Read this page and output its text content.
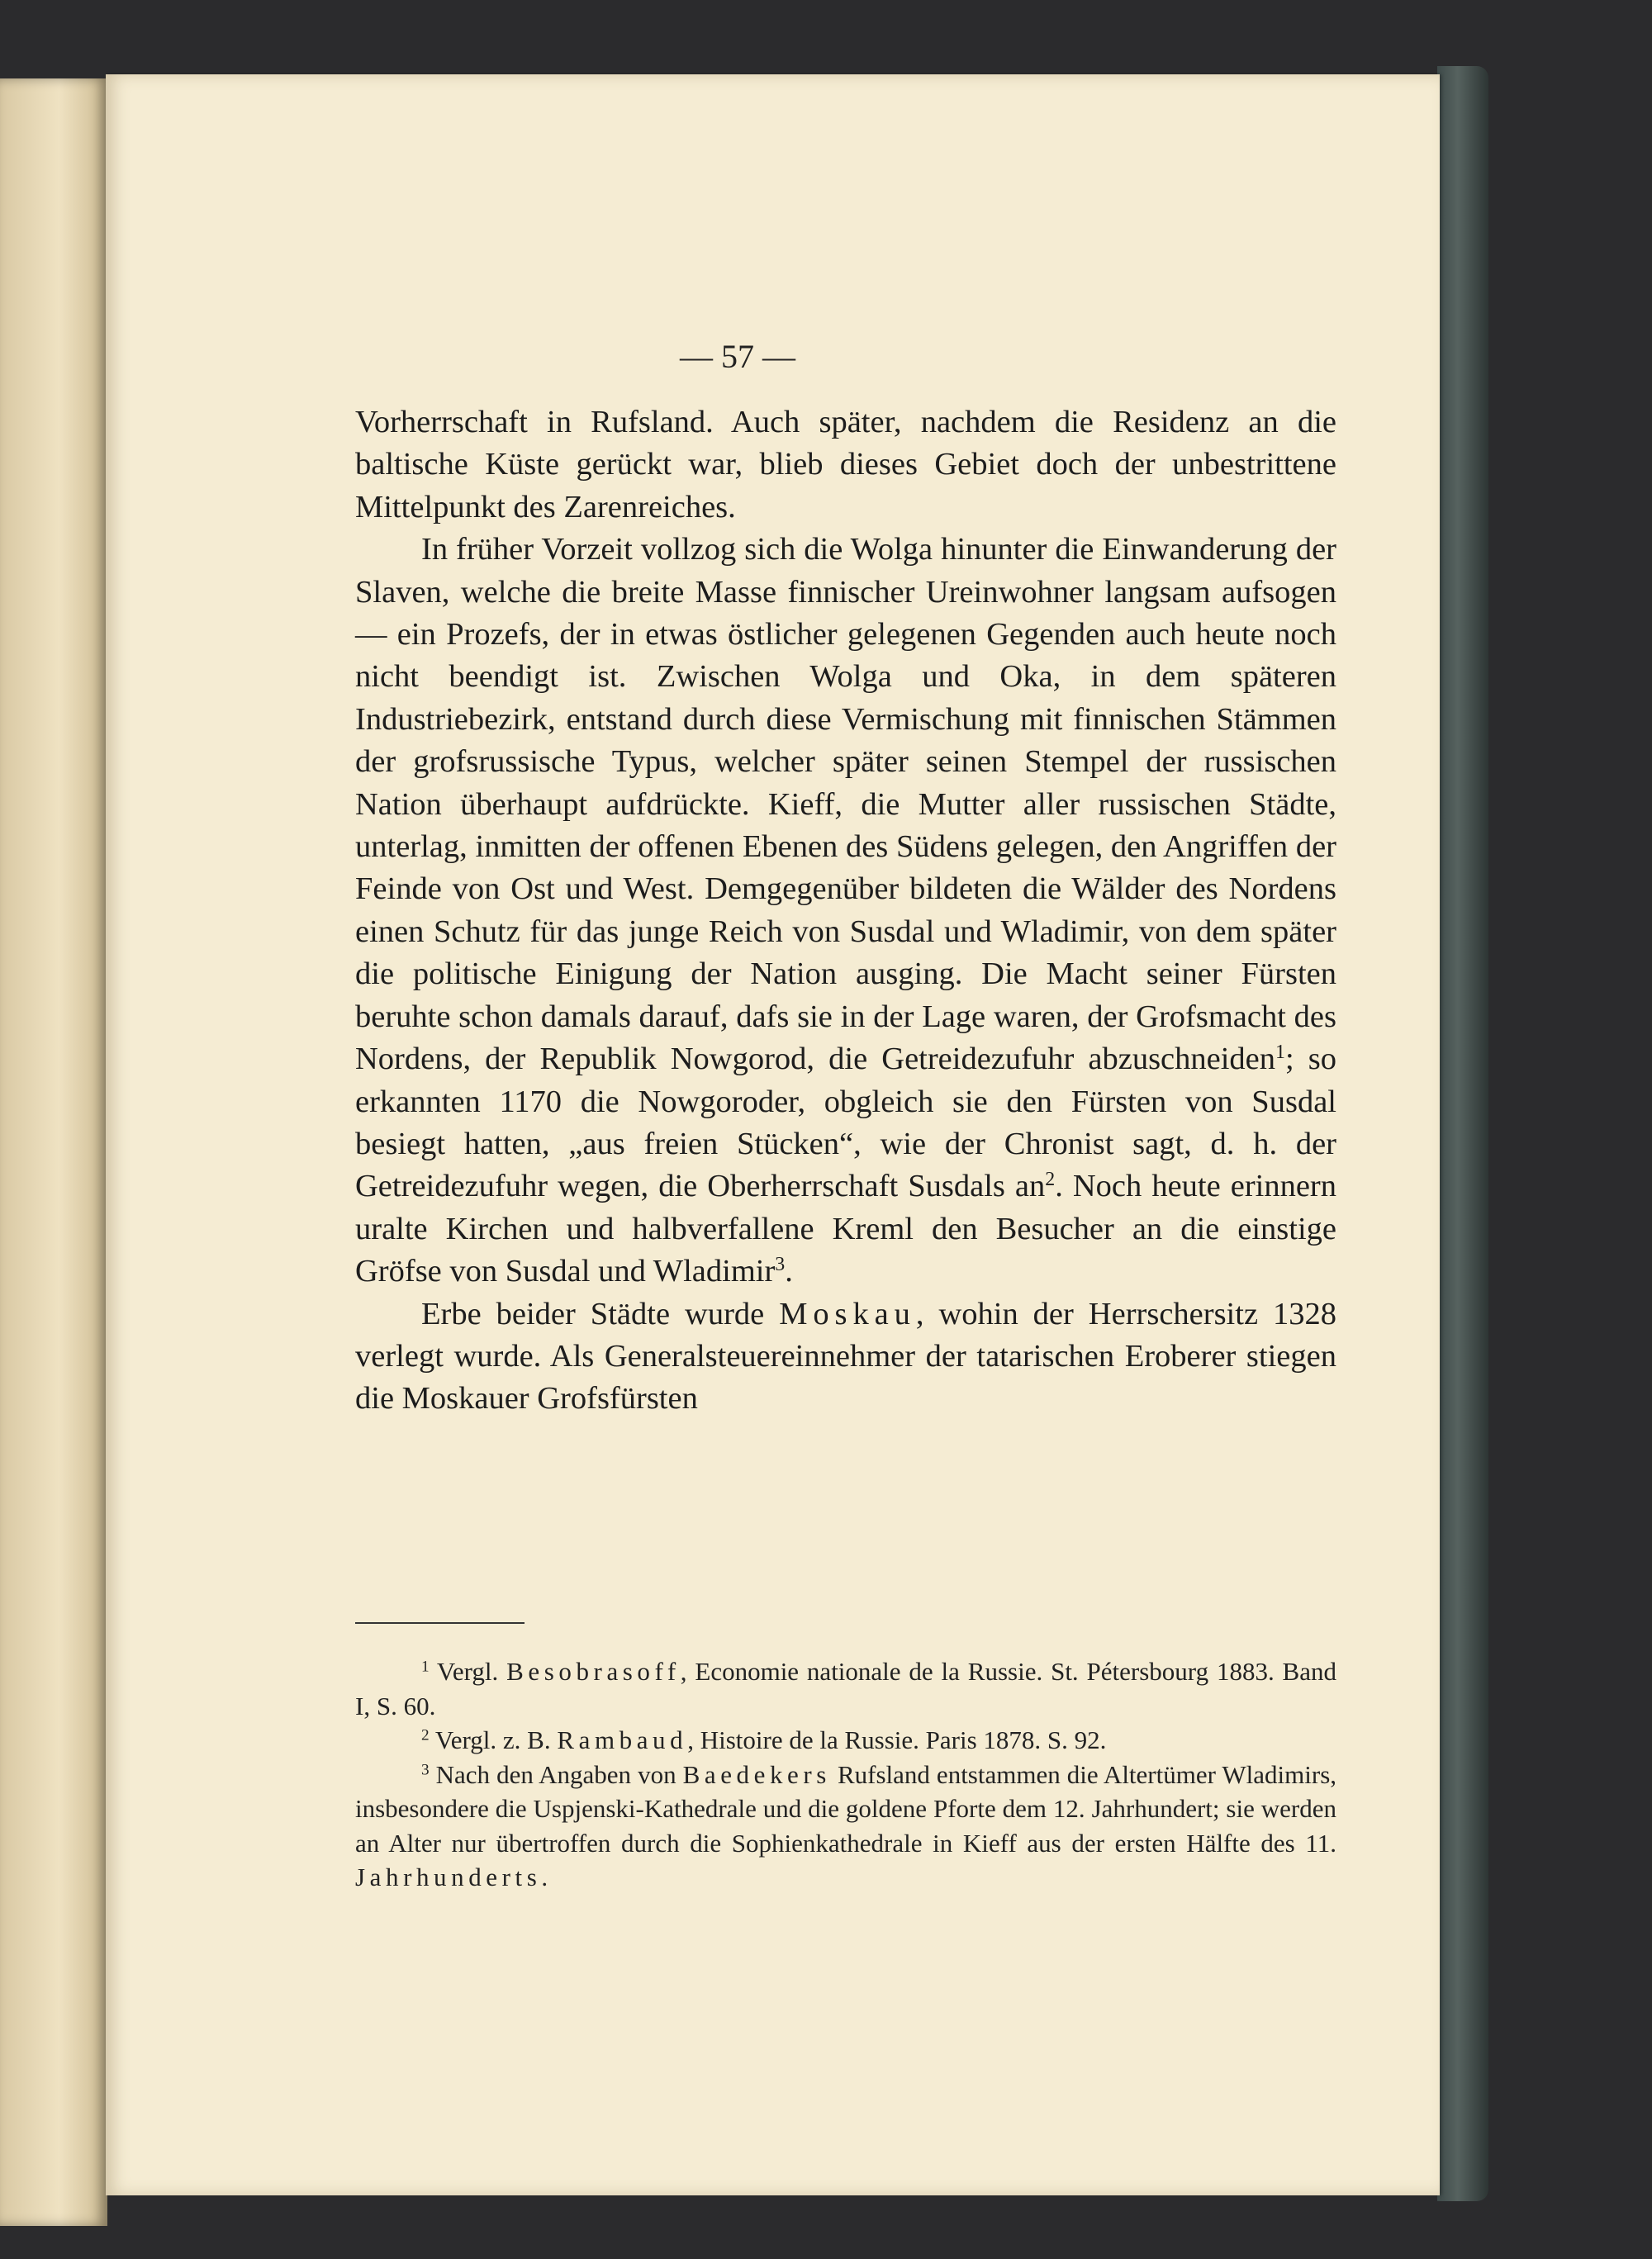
— 57 —

Vorherrschaft in Rufsland. Auch später, nachdem die Residenz an die baltische Küste gerückt war, blieb dieses Gebiet doch der unbestrittene Mittelpunkt des Zarenreiches.

In früher Vorzeit vollzog sich die Wolga hinunter die Einwanderung der Slaven, welche die breite Masse finnischer Ureinwohner langsam aufsogen — ein Prozefs, der in etwas östlicher gelegenen Gegenden auch heute noch nicht beendigt ist. Zwischen Wolga und Oka, in dem späteren Industriebezirk, entstand durch diese Vermischung mit finnischen Stämmen der grofsrussische Typus, welcher später seinen Stempel der russischen Nation überhaupt aufdrückte. Kieff, die Mutter aller russischen Städte, unterlag, inmitten der offenen Ebenen des Südens gelegen, den Angriffen der Feinde von Ost und West. Demgegenüber bildeten die Wälder des Nordens einen Schutz für das junge Reich von Susdal und Wladimir, von dem später die politische Einigung der Nation ausging. Die Macht seiner Fürsten beruhte schon damals darauf, dafs sie in der Lage waren, der Grofsmacht des Nordens, der Republik Nowgorod, die Getreidezufuhr abzuschneiden$^1$; so erkannten 1170 die Nowgoroder, obgleich sie den Fürsten von Susdal besiegt hatten, „aus freien Stücken“, wie der Chronist sagt, d. h. der Getreidezufuhr wegen, die Oberherrschaft Susdals $an^2$. Noch heute erinnern uralte Kirchen und halbverfallene Kreml den Besucher an die einstige Gröfse von Susdal und Wladimir$^3$.

Erbe beider Städte wurde Moskau, wohin der Herrschersitz 1328 verlegt wurde. Als Generalsteuereinnehmer der tatarischen Eroberer stiegen die Moskauer Grofsfürsten

$^1$ Vergl. Besobrasoff, Economie nationale de la Russie. St. Pétersbourg 1883. Band I, S. 60.

$^2$ Vergl. z. B. Rambaud, Histoire de la Russie. Paris 1878. S. 92.

$^3$ Nach den Angaben von Baedekers Rufsland entstammen die Altertümer Wladimirs, insbesondere die Uspjenski-Kathedrale und die goldene Pforte dem 12. Jahrhundert; sie werden an Alter nur übertroffen durch die Sophienkathedrale in Kieff aus der ersten Hälfte des 11. Jahrhunderts.
